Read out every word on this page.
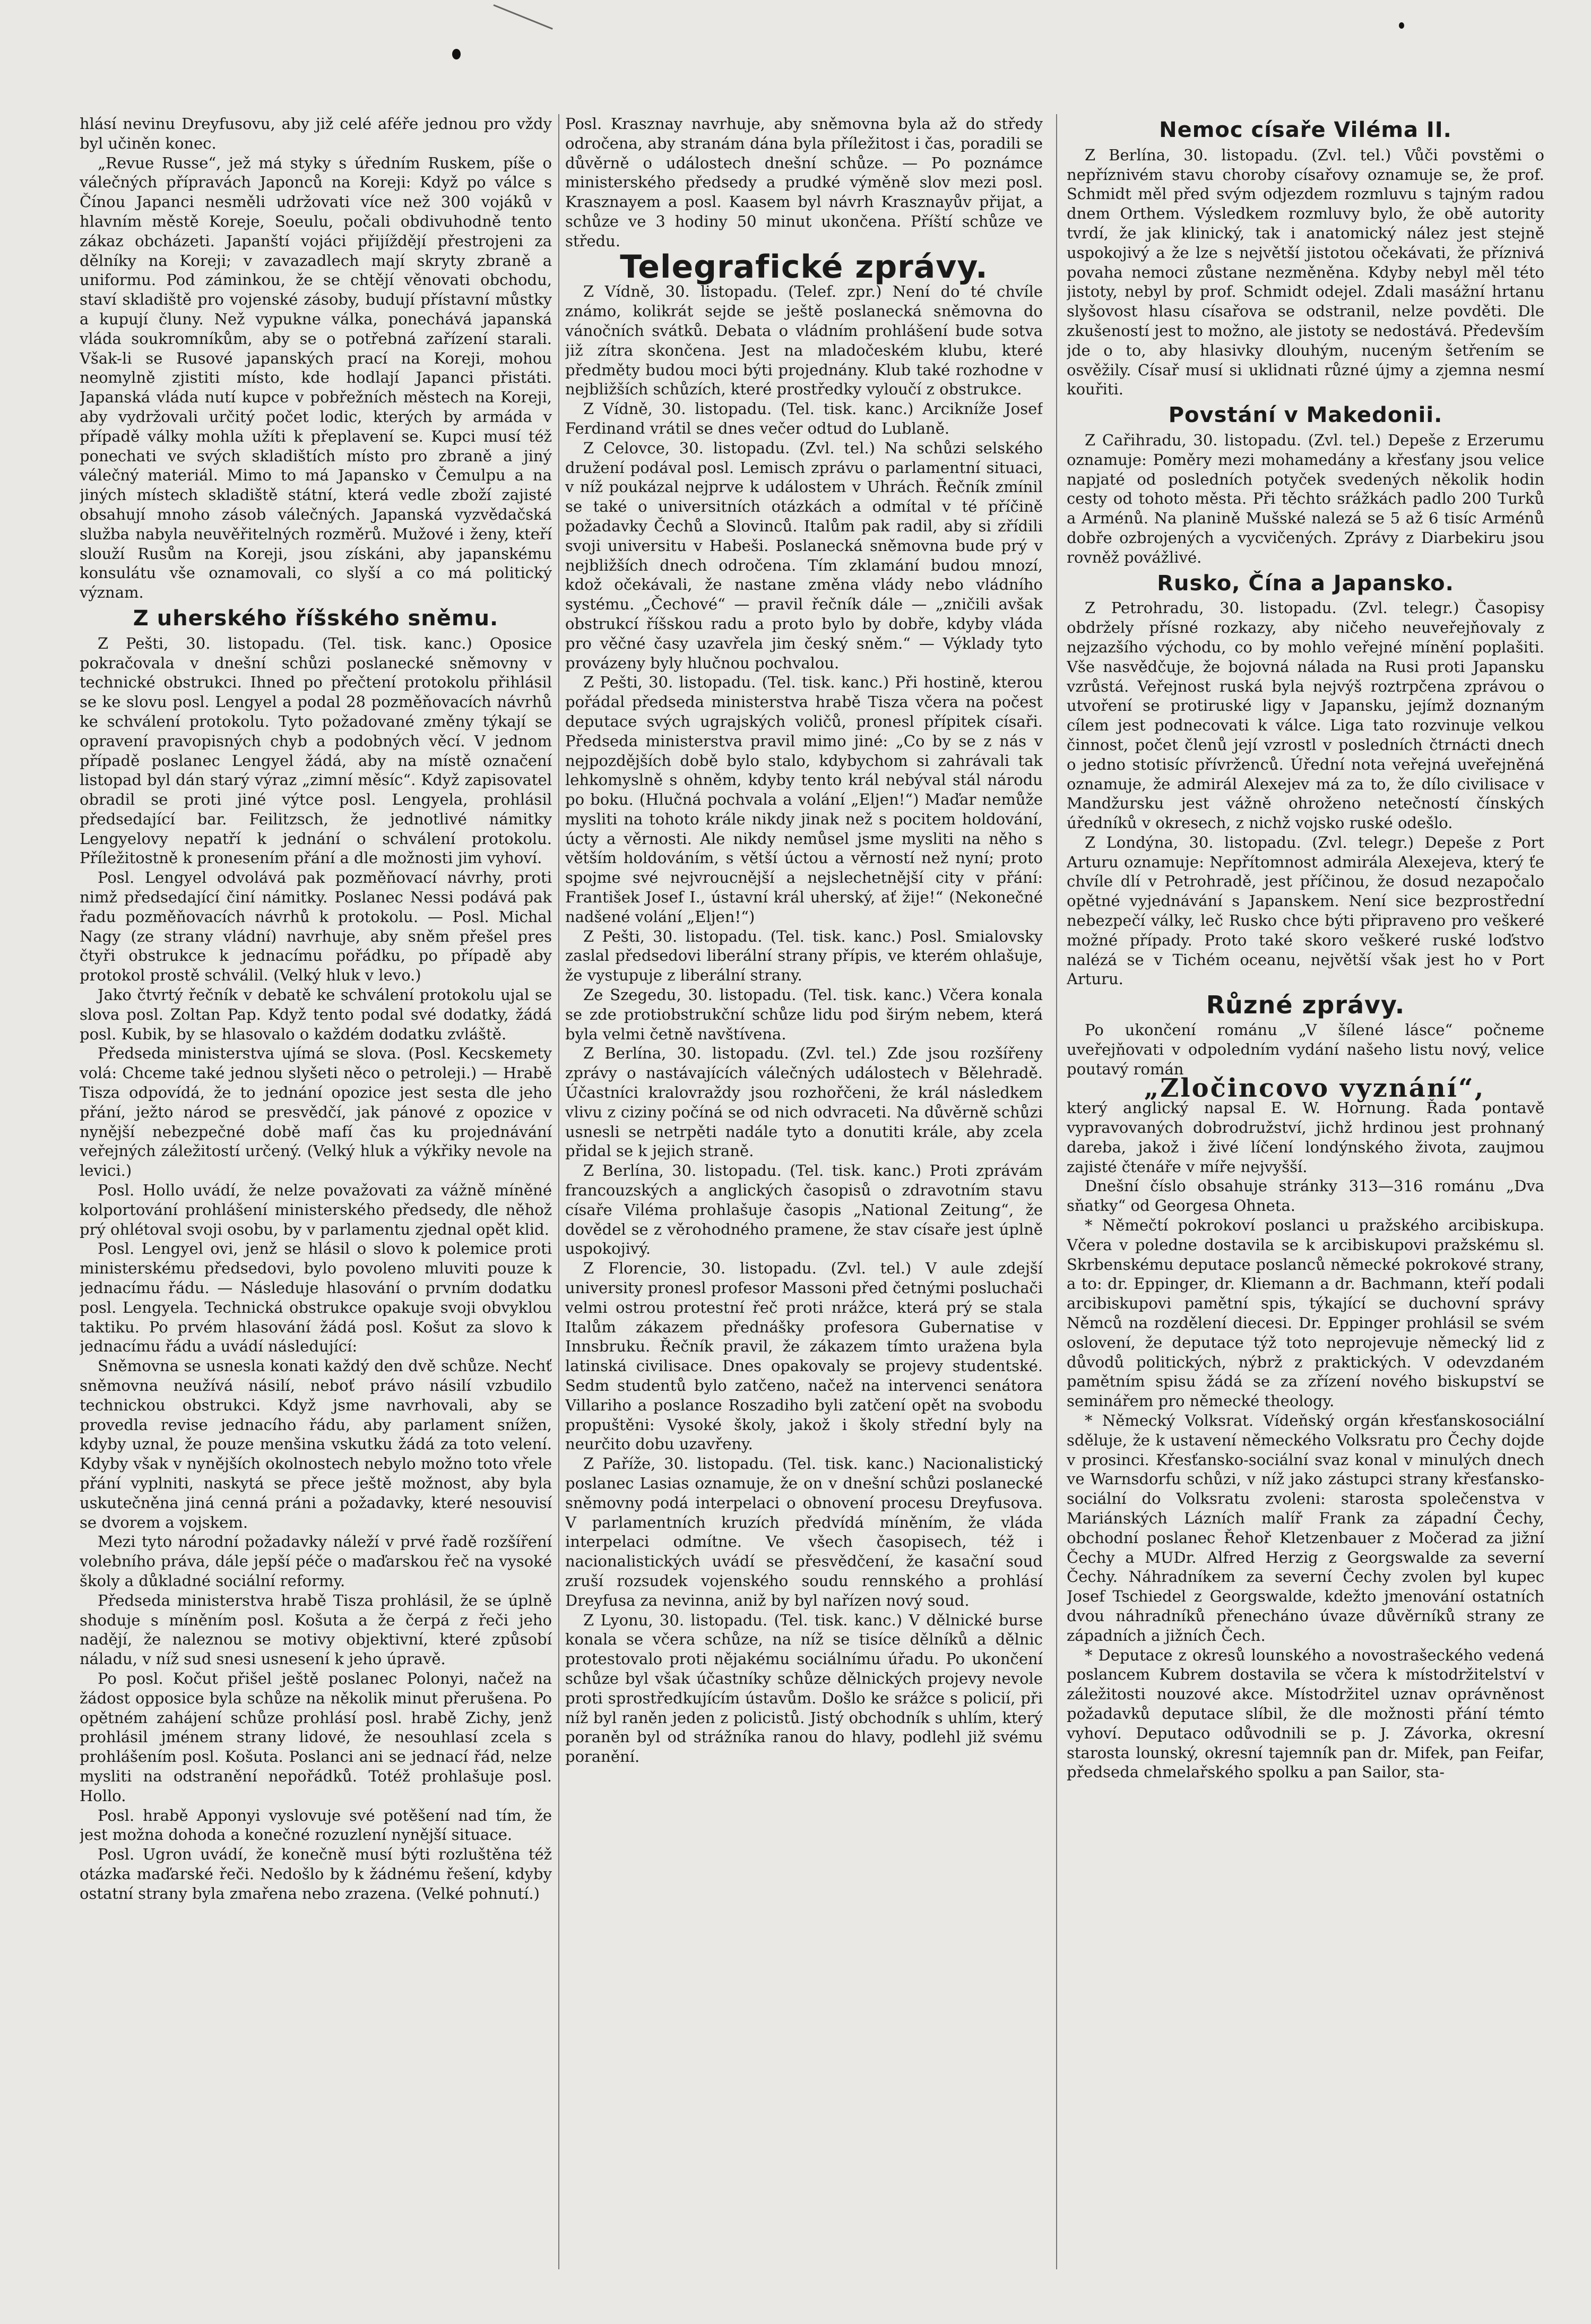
hlásí nevinu Dreyfusovu, aby již celé aféře jednou pro vždy byl učiněn konec.

„Revue Russe“, jež má styky s úředním Ruskem, píše o válečných přípravách Japonců na Koreji: Když po válce s Čínou Japanci nesměli udržovati více než 300 vojáků v hlavním městě Koreje, Soeulu, počali obdivuhodně tento zákaz obcházeti. Japanští vojáci přijíždějí přestrojeni za dělníky na Koreji; v zavazadlech mají skryty zbraně a uniformu. Pod záminkou, že se chtějí věnovati obchodu, staví skladiště pro vojenské zásoby, budují přístavní můstky a kupují čluny. Než vypukne válka, ponechává japanská vláda soukromníkům, aby se o potřebná zařízení starali. Však-li se Rusové japanských prací na Koreji, mohou neomylně zjistiti místo, kde hodlají Japanci přistáti. Japanská vláda nutí kupce v pobřežních městech na Koreji, aby vydržovali určitý počet lodic, kterých by armáda v případě války mohla užíti k přeplavení se. Kupci musí též ponechati ve svých skladištích místo pro zbraně a jiný válečný materiál. Mimo to má Japansko v Čemulpu a na jiných místech skladiště státní, která vedle zboží zajisté obsahují mnoho zásob válečných. Japanská vyzvědačská služba nabyla neuvěřitelných rozměrů. Mužové i ženy, kteří slouží Rusům na Koreji, jsou získáni, aby japanskému konsulátu vše oznamovali, co slyší a co má politický význam.

Z uherského říšského sněmu.

Z Pešti, 30. listopadu. (Tel. tisk. kanc.) Oposice pokračovala v dnešní schůzi poslanecké sněmovny v technické obstrukci. Ihned po přečtení protokolu přihlásil se ke slovu posl. Lengyel a podal 28 pozměňovacích návrhů ke schválení protokolu. Tyto požadované změny týkají se opravení pravopisných chyb a podobných věcí. V jednom případě poslanec Lengyel žádá, aby na místě označení listopad byl dán starý výraz „zimní měsíc“. Když zapisovatel obradil se proti jiné výtce posl. Lengyela, prohlásil předsedající bar. Feilitzsch, že jednotlivé námitky Lengyelovy nepatří k jednání o schválení protokolu. Příležitostně k pronesením přání a dle možnosti jim vyhoví.

Posl. Lengyel odvolává pak pozměňovací návrhy, proti nimž předsedající činí námitky. Poslanec Nessi podává pak řadu pozměňovacích návrhů k protokolu. — Posl. Michal Nagy (ze strany vládní) navrhuje, aby sněm přešel pres čtyři obstrukce k jednacímu pořádku, po případě aby protokol prostě schválil. (Velký hluk v levo.)

Jako čtvrtý řečník v debatě ke schválení protokolu ujal se slova posl. Zoltan Pap. Když tento podal své dodatky, žádá posl. Kubik, by se hlasovalo o každém dodatku zvláště.

Předseda ministerstva ujímá se slova. (Posl. Kecskemety volá: Chceme také jednou slyšeti něco o petroleji.) — Hrabě Tisza odpovídá, že to jednání opozice jest sesta dle jeho přání, ježto národ se presvědčí, jak pánové z opozice v nynější nebezpečné době mafí čas ku projednávání veřejných záležitostí určený. (Velký hluk a výkřiky nevole na levici.)

Posl. Hollo uvádí, že nelze považovati za vážně míněné kolportování prohlášení ministerského předsedy, dle něhož prý ohlétoval svoji osobu, by v parlamentu zjednal opět klid.

Posl. Lengyel ovi, jenž se hlásil o slovo k polemice proti ministerskému předsedovi, bylo povoleno mluviti pouze k jednacímu řádu. — Následuje hlasování o prvním dodatku posl. Lengyela. Technická obstrukce opakuje svoji obvyklou taktiku. Po prvém hlasování žádá posl. Košut za slovo k jednacímu řádu a uvádí následující:

Sněmovna se usnesla konati každý den dvě schůze. Nechť sněmovna neužívá násilí, neboť právo násilí vzbudilo technickou obstrukci. Když jsme navrhovali, aby se provedla revise jednacího řádu, aby parlament snížen, kdyby uznal, že pouze menšina vskutku žádá za toto velení. Kdyby však v nynějších okolnostech nebylo možno toto vřele přání vyplniti, naskytá se přece ještě možnost, aby byla uskutečněna jiná cenná práni a požadavky, které nesouvisí se dvorem a vojskem.

Mezi tyto národní požadavky náleží v prvé řadě rozšíření volebního práva, dále jepší péče o maďarskou řeč na vysoké školy a důkladné sociální reformy.

Předseda ministerstva hrabě Tisza prohlásil, že se úplně shoduje s míněním posl. Košuta a že čerpá z řeči jeho nadějí, že naleznou se motivy objektivní, které způsobí náladu, v níž sud snesi usnesení k jeho úpravě.

Po posl. Kočut přišel ještě poslanec Polonyi, načež na žádost opposice byla schůze na několik minut přerušena. Po opětném zahájení schůze prohlásí posl. hrabě Zichy, jenž prohlásil jménem strany lidové, že nesouhlasí zcela s prohlášením posl. Košuta. Poslanci ani se jednací řád, nelze mysliti na odstranění nepořádků. Totéž prohlašuje posl. Hollo.

Posl. hrabě Apponyi vyslovuje své potěšení nad tím, že jest možna dohoda a konečné rozuzlení nynější situace.

Posl. Ugron uvádí, že konečně musí býti rozluštěna též otázka maďarské řeči. Nedošlo by k žádnému řešení, kdyby ostatní strany byla zmařena nebo zrazena. (Velké pohnutí.)

Posl. Krasznay navrhuje, aby sněmovna byla až do středy odročena, aby stranám dána byla příležitost i čas, poradili se důvěrně o událostech dnešní schůze. — Po poznámce ministerského předsedy a prudké výměně slov mezi posl. Krasznayem a posl. Kaasem byl návrh Krasznayův přijat, a schůze ve 3 hodiny 50 minut ukončena. Příští schůze ve středu.

Telegrafické zprávy.

Z Vídně, 30. listopadu. (Telef. zpr.) Není do té chvíle známo, kolikrát sejde se ještě poslanecká sněmovna do vánočních svátků. Debata o vládním prohlášení bude sotva již zítra skončena. Jest na mladočeském klubu, které předměty budou moci býti projednány. Klub také rozhodne v nejbližších schůzích, které prostředky vyloučí z obstrukce.

Z Vídně, 30. listopadu. (Tel. tisk. kanc.) Arcikníže Josef Ferdinand vrátil se dnes večer odtud do Lublaně.

Z Celovce, 30. listopadu. (Zvl. tel.) Na schůzi selského družení podával posl. Lemisch zprávu o parlamentní situaci, v níž poukázal nejprve k událostem v Uhrách. Řečník zmínil se také o universitních otázkách a odmítal v té příčině požadavky Čechů a Slovinců. Italům pak radil, aby si zřídili svoji universitu v Habeši. Poslanecká sněmovna bude prý v nejbližších dnech odročena. Tím zklamání budou mnozí, kdož očekávali, že nastane změna vlády nebo vládního systému. „Čechové“ — pravil řečník dále — „zničili avšak obstrukcí říšskou radu a proto bylo by dobře, kdyby vláda pro věčné časy uzavřela jim český sněm.“ — Výklady tyto provázeny byly hlučnou pochvalou.

Z Pešti, 30. listopadu. (Tel. tisk. kanc.) Při hostině, kterou pořádal předseda ministerstva hrabě Tisza včera na počest deputace svých ugrajských voličů, pronesl přípitek císaři. Předseda ministerstva pravil mimo jiné: „Co by se z nás v nejpozdějších době bylo stalo, kdybychom si zahrávali tak lehkomyslně s ohněm, kdyby tento král nebýval stál národu po boku. (Hlučná pochvala a volání „Eljen!“) Maďar nemůže mysliti na tohoto krále nikdy jinak než s pocitem holdování, úcty a věrnosti. Ale nikdy nemůsel jsme mysliti na něho s větším holdováním, s větší úctou a věrností než nyní; proto spojme své nejvroucnější a nejslechetnější city v přání: František Josef I., ústavní král uherský, ať žije!“ (Nekonečné nadšené volání „Eljen!“)

Z Pešti, 30. listopadu. (Tel. tisk. kanc.) Posl. Smialovsky zaslal předsedovi liberální strany přípis, ve kterém ohlašuje, že vystupuje z liberální strany.

Ze Szegedu, 30. listopadu. (Tel. tisk. kanc.) Včera konala se zde protiobstrukční schůze lidu pod širým nebem, která byla velmi četně navštívena.

Z Berlína, 30. listopadu. (Zvl. tel.) Zde jsou rozšířeny zprávy o nastávajících válečných událostech v Bělehradě. Účastníci kralovraždy jsou rozhořčeni, že král následkem vlivu z ciziny počíná se od nich odvraceti. Na důvěrně schůzi usnesli se netrpěti nadále tyto a donutiti krále, aby zcela přidal se k jejich straně.

Z Berlína, 30. listopadu. (Tel. tisk. kanc.) Proti zprávám francouzských a anglických časopisů o zdravotním stavu císaře Viléma prohlašuje časopis „National Zeitung“, že dovědel se z věrohodného pramene, že stav císaře jest úplně uspokojivý.

Z Florencie, 30. listopadu. (Zvl. tel.) V aule zdejší university pronesl profesor Massoni před četnými posluchači velmi ostrou protestní řeč proti nrážce, která prý se stala Italům zákazem přednášky profesora Gubernatise v Innsbruku. Řečník pravil, že zákazem tímto uražena byla latinská civilisace. Dnes opakovaly se projevy studentské. Sedm studentů bylo zatčeno, načež na intervenci senátora Villariho a poslance Roszadiho byli zatčení opět na svobodu propuštěni: Vysoké školy, jakož i školy střední byly na neurčito dobu uzavřeny.

Z Paříže, 30. listopadu. (Tel. tisk. kanc.) Nacionalistický poslanec Lasias oznamuje, že on v dnešní schůzi poslanecké sněmovny podá interpelaci o obnovení procesu Dreyfusova. V parlamentních kruzích předvídá míněním, že vláda interpelaci odmítne. Ve všech časopisech, též i nacionalistických uvádí se přesvědčení, že kasační soud zruší rozsudek vojenského soudu rennského a prohlásí Dreyfusa za nevinna, aniž by byl nařízen nový soud.

Z Lyonu, 30. listopadu. (Tel. tisk. kanc.) V dělnické burse konala se včera schůze, na níž se tisíce dělníků a dělnic protestovalo proti nějakému sociálnímu úřadu. Po ukončení schůze byl však účastníky schůze dělnických projevy nevole proti sprostředkujícím ústavům. Došlo ke srážce s policií, při níž byl raněn jeden z policistů. Jistý obchodník s uhlím, který poraněn byl od strážníka ranou do hlavy, podlehl již svému poranění.

Nemoc císaře Viléma II.

Z Berlína, 30. listopadu. (Zvl. tel.) Vůči povstěmi o nepříznivém stavu choroby císařovy oznamuje se, že prof. Schmidt měl před svým odjezdem rozmluvu s tajným radou dnem Orthem. Výsledkem rozmluvy bylo, že obě autority tvrdí, že jak klinický, tak i anatomický nález jest stejně uspokojivý a že lze s největší jistotou očekávati, že příznivá povaha nemoci zůstane nezměněna. Kdyby nebyl měl této jistoty, nebyl by prof. Schmidt odejel. Zdali masážní hrtanu slyšovost hlasu císařova se odstranil, nelze povděti. Dle zkušeností jest to možno, ale jistoty se nedostává. Především jde o to, aby hlasivky dlouhým, nuceným šetřením se osvěžily. Císař musí si uklidnati různé újmy a zjemna nesmí kouřiti.

Povstání v Makedonii.

Z Cařihradu, 30. listopadu. (Zvl. tel.) Depeše z Erzerumu oznamuje: Poměry mezi mohamedány a křesťany jsou velice napjaté od posledních potyček svedených několik hodin cesty od tohoto města. Při těchto srážkách padlo 200 Turků a Arménů. Na planině Mušské nalezá se 5 až 6 tisíc Arménů dobře ozbrojených a vycvičených. Zprávy z Diarbekiru jsou rovněž povážlivé.

Rusko, Čína a Japansko.

Z Petrohradu, 30. listopadu. (Zvl. telegr.) Časopisy obdržely přísné rozkazy, aby ničeho neuveřejňovaly z nejzazšího východu, co by mohlo veřejné mínění poplašiti. Vše nasvědčuje, že bojovná nálada na Rusi proti Japansku vzrůstá. Veřejnost ruská byla nejvýš roztrpčena zprávou o utvoření se protiruské ligy v Japansku, jejímž doznaným cílem jest podnecovati k válce. Liga tato rozvinuje velkou činnost, počet členů její vzrostl v posledních čtrnácti dnech o jedno stotisíc přívrženců. Úřední nota veřejná uveřejněná oznamuje, že admirál Alexejev má za to, že dílo civilisace v Mandžursku jest vážně ohroženo netečností čínských úředníků v okresech, z nichž vojsko ruské odešlo.

Z Londýna, 30. listopadu. (Zvl. telegr.) Depeše z Port Arturu oznamuje: Nepřítomnost admirála Alexejeva, který ťe chvíle dlí v Petrohradě, jest příčinou, že dosud nezapočalo opětné vyjednávání s Japanskem. Není sice bezprostřední nebezpečí války, leč Rusko chce býti připraveno pro veškeré možné případy. Proto také skoro veškeré ruské loďstvo nalézá se v Tichém oceanu, největší však jest ho v Port Arturu.

Různé zprávy.

Po ukončení románu „V šílené lásce“ počneme uveřejňovati v odpoledním vydání našeho listu nový, velice poutavý román

„Zločincovo vyznání“,

který anglický napsal E. W. Hornung. Řada pontavě vypravovaných dobrodružství, jichž hrdinou jest prohnaný dareba, jakož i živé líčení londýnského života, zaujmou zajisté čtenáře v míře nejvyšší.

Dnešní číslo obsahuje stránky 313—316 románu „Dva sňatky“ od Georgesa Ohneta.

* Němečtí pokrokoví poslanci u pražského arcibiskupa. Včera v poledne dostavila se k arcibiskupovi pražskému sl. Skrbenskému deputace poslanců německé pokrokové strany, a to: dr. Eppinger, dr. Kliemann a dr. Bachmann, kteří podali arcibiskupovi pamětní spis, týkající se duchovní správy Němců na rozdělení diecesi. Dr. Eppinger prohlásil se svém oslovení, že deputace týž toto neprojevuje německý lid z důvodů politických, nýbrž z praktických. V odevzdaném pamětním spisu žádá se za zřízení nového biskupství se seminářem pro německé theology.

* Německý Volksrat. Vídeňský orgán křesťanskosociální sděluje, že k ustavení německého Volksratu pro Čechy dojde v prosinci. Křesťansko-sociální svaz konal v minulých dnech ve Warnsdorfu schůzi, v níž jako zástupci strany křesťansko-sociální do Volksratu zvoleni: starosta společenstva v Mariánských Lázních malíř Frank za západní Čechy, obchodní poslanec Řehoř Kletzenbauer z Močerad za jižní Čechy a MUDr. Alfred Herzig z Georgswalde za severní Čechy. Náhradníkem za severní Čechy zvolen byl kupec Josef Tschiedel z Georgswalde, kdežto jmenování ostatních dvou náhradníků přenecháno úvaze důvěrníků strany ze západních a jižních Čech.

* Deputace z okresů lounského a novostrašeckého vedená poslancem Kubrem dostavila se včera k místodržitelství v záležitosti nouzové akce. Místodržitel uznav oprávněnost požadavků deputace slíbil, že dle možnosti přání témto vyhoví. Deputaco odůvodnili se p. J. Závorka, okresní starosta lounský, okresní tajemník pan dr. Mifek, pan Feifar, předseda chmelařského spolku a pan Sailor, sta-
